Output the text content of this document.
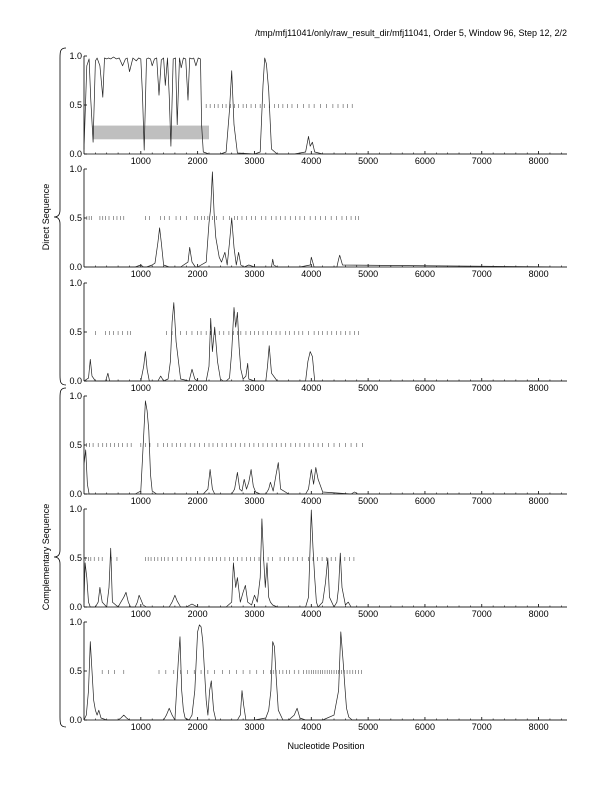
/tmp/mfj11041/only/raw_result_dir/mfj11041, Order 5, Window 96, Step 12, 2/2
Direct Sequence
Complementary Sequence
Nucleotide Position
0.0
0.5
1.0
1000	2000	3000	4000	5000	6000	7000	8000
0.0
0.5
1.0
1000	2000	3000	4000	5000	6000	7000	8000
0.0
0.5
1.0
1000	2000	3000	4000	5000	6000	7000	8000
0.0
0.5
1.0
1000	2000	3000	4000	5000	6000	7000	8000
0.0
0.5
1.0
1000	2000	3000	4000	5000	6000	7000	8000
0.0
0.5
1.0
1000	2000	3000	4000	5000	6000	7000	8000
